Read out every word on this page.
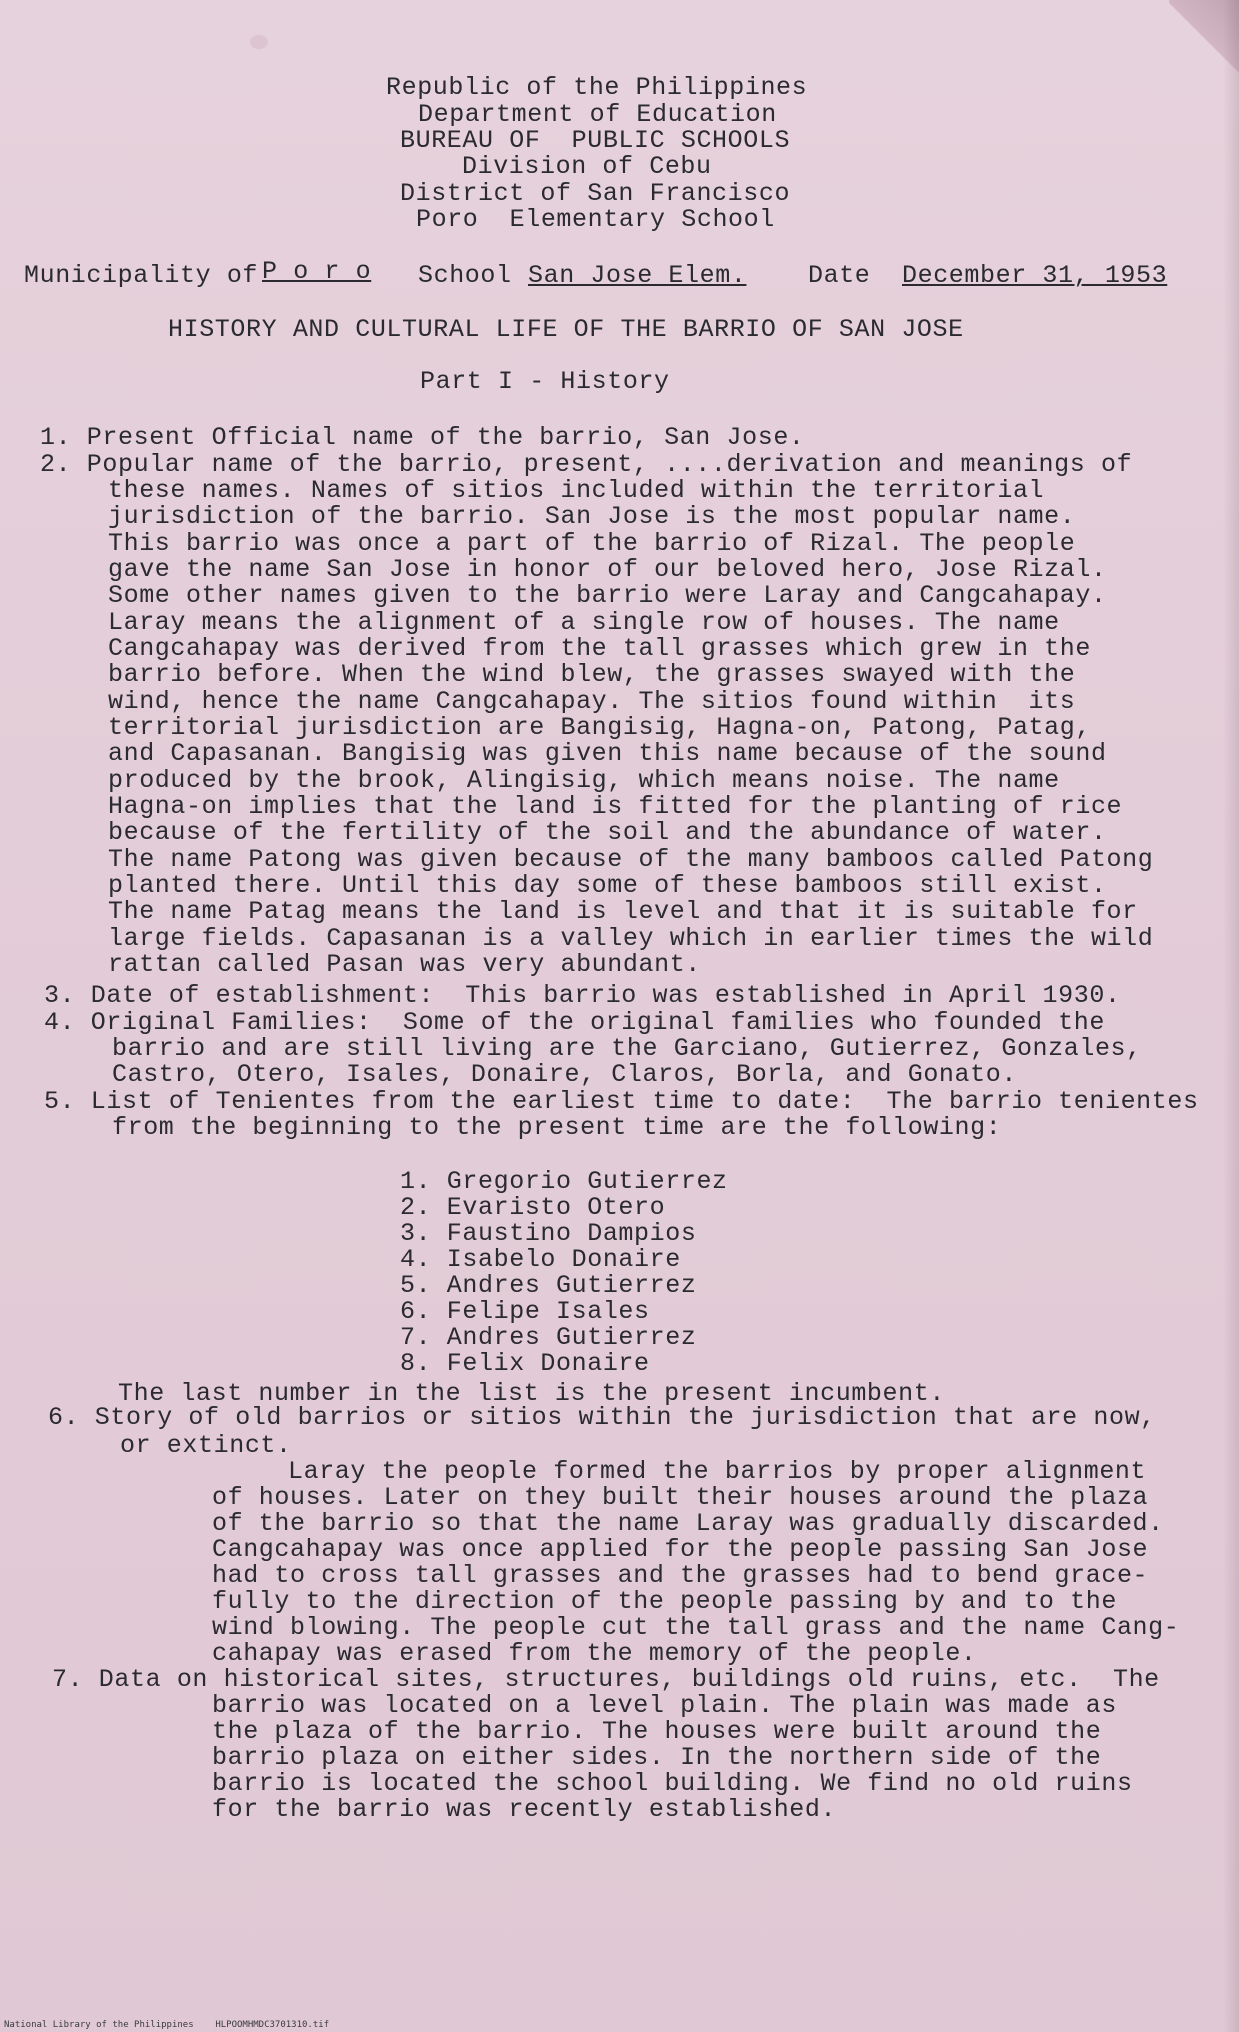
Republic of the Philippines
Department of Education
BUREAU OF  PUBLIC SCHOOLS
Division of Cebu
District of San Francisco
Poro  Elementary School
Municipality of P o r o School San Jose Elem. Date December 31, 1953
HISTORY AND CULTURAL LIFE OF THE BARRIO OF SAN JOSE
Part I - History
1. Present Official name of the barrio, San Jose.
2. Popular name of the barrio, present, ....derivation and meanings of
these names. Names of sitios included within the territorial
jurisdiction of the barrio. San Jose is the most popular name.
This barrio was once a part of the barrio of Rizal. The people
gave the name San Jose in honor of our beloved hero, Jose Rizal.
Some other names given to the barrio were Laray and Cangcahapay.
Laray means the alignment of a single row of houses. The name
Cangcahapay was derived from the tall grasses which grew in the
barrio before. When the wind blew, the grasses swayed with the
wind, hence the name Cangcahapay. The sitios found within  its
territorial jurisdiction are Bangisig, Hagna-on, Patong, Patag,
and Capasanan. Bangisig was given this name because of the sound
produced by the brook, Alingisig, which means noise. The name
Hagna-on implies that the land is fitted for the planting of rice
because of the fertility of the soil and the abundance of water.
The name Patong was given because of the many bamboos called Patong
planted there. Until this day some of these bamboos still exist.
The name Patag means the land is level and that it is suitable for
large fields. Capasanan is a valley which in earlier times the wild
rattan called Pasan was very abundant.
3. Date of establishment:  This barrio was established in April 1930.
4. Original Families:  Some of the original families who founded the
barrio and are still living are the Garciano, Gutierrez, Gonzales,
Castro, Otero, Isales, Donaire, Claros, Borla, and Gonato.
5. List of Tenientes from the earliest time to date:  The barrio tenientes
from the beginning to the present time are the following:
1. Gregorio Gutierrez
2. Evaristo Otero
3. Faustino Dampios
4. Isabelo Donaire
5. Andres Gutierrez
6. Felipe Isales
7. Andres Gutierrez
8. Felix Donaire
The last number in the list is the present incumbent.
6. Story of old barrios or sitios within the jurisdiction that are now,
or extinct.
Laray the people formed the barrios by proper alignment
of houses. Later on they built their houses around the plaza
of the barrio so that the name Laray was gradually discarded.
Cangcahapay was once applied for the people passing San Jose
had to cross tall grasses and the grasses had to bend grace-
fully to the direction of the people passing by and to the
wind blowing. The people cut the tall grass and the name Cang-
cahapay was erased from the memory of the people.
7. Data on historical sites, structures, buildings old ruins, etc.  The
barrio was located on a level plain. The plain was made as
the plaza of the barrio. The houses were built around the
barrio plaza on either sides. In the northern side of the
barrio is located the school building. We find no old ruins
for the barrio was recently established.
National Library of the Philippines    HLPOOMHMDC3701310.tif
